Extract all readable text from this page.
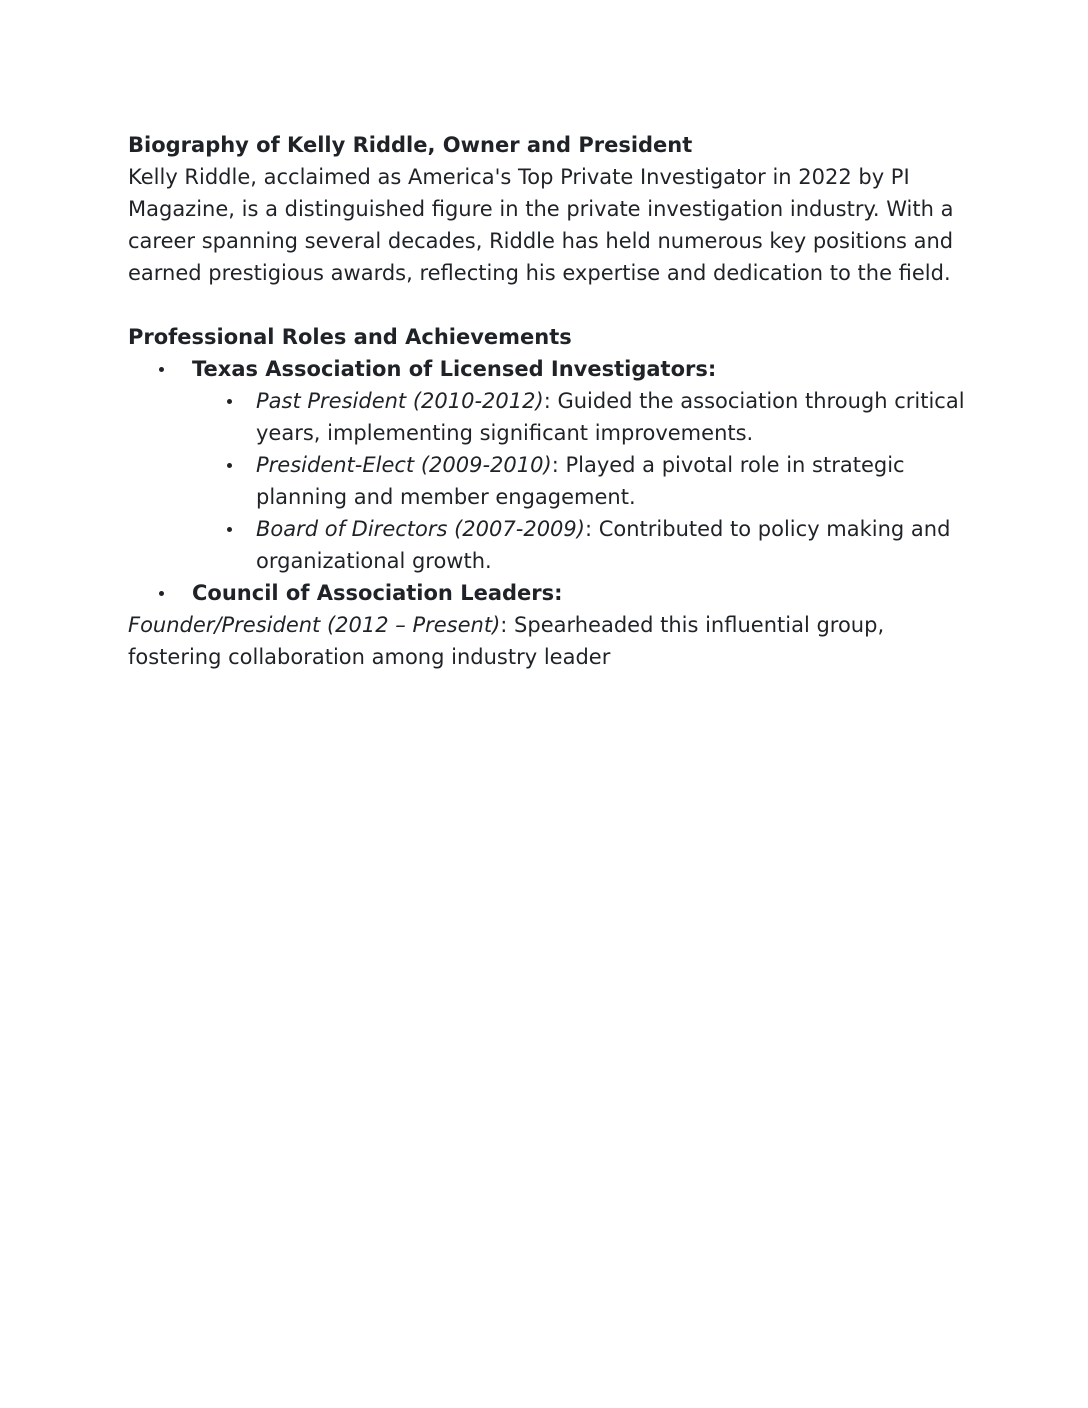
Biography of Kelly Riddle, Owner and President

Kelly Riddle, acclaimed as America's Top Private Investigator in 2022 by PI Magazine, is a distinguished figure in the private investigation industry. With a career spanning several decades, Riddle has held numerous key positions and earned prestigious awards, reflecting his expertise and dedication to the field.

Professional Roles and Achievements

Texas Association of Licensed Investigators:
Past President (2010-2012): Guided the association through critical years, implementing significant improvements.
President-Elect (2009-2010): Played a pivotal role in strategic planning and member engagement.
Board of Directors (2007-2009): Contributed to policy making and organizational growth.
Council of Association Leaders:

Founder/President (2012 – Present): Spearheaded this influential group, fostering collaboration among industry leader
